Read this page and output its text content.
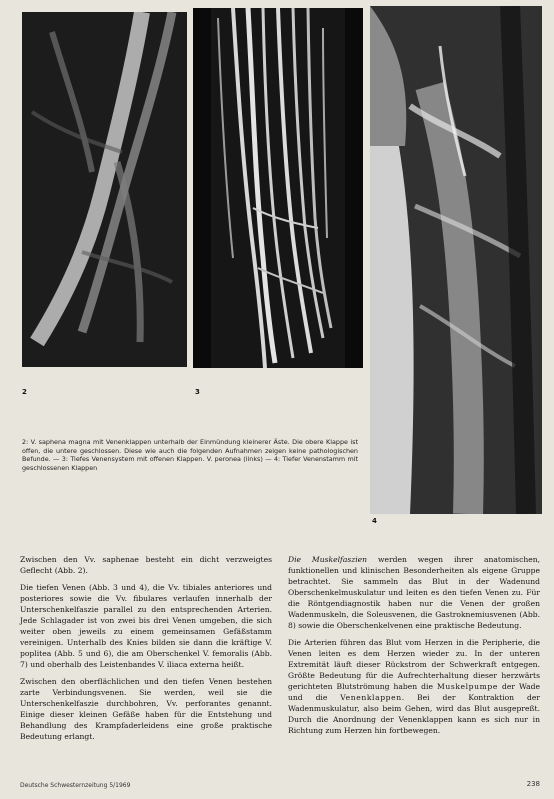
2	3
4
2: V. saphena magna mit Venenklappen unterhalb der Einmündung kleinerer Äste. Die obere Klappe ist offen, die untere geschlossen. Diese wie auch die folgenden Aufnahmen zeigen keine pathologischen Befunde. — 3: Tiefes Venensystem mit offenen Klappen. V. peronea (links) — 4: Tiefer Venenstamm mit geschlossenen Klappen

Zwischen den Vv. saphenae besteht ein dicht verzweigtes Geflecht (Abb. 2).

Die tiefen Venen (Abb. 3 und 4), die Vv. tibiales anteriores und posteriores sowie die Vv. fibulares verlaufen innerhalb der Unterschenkelfaszie parallel zu den entsprechenden Arterien. Jede Schlagader ist von zwei bis drei Venen umgeben, die sich weiter oben jeweils zu einem gemeinsamen Gefäßstamm vereinigen. Unterhalb des Knies bilden sie dann die kräftige V. poplitea (Abb. 5 und 6), die am Oberschenkel V. femoralis (Abb. 7) und oberhalb des Leistenbandes V. iliaca externa heißt.

Zwischen den oberflächlichen und den tiefen Venen bestehen zarte Verbindungsvenen. Sie werden, weil sie die Unterschenkelfaszie durchbohren, Vv. perforantes genannt. Einige dieser kleinen Gefäße haben für die Entstehung und Behandlung des Krampfaderleidens eine große praktische Bedeutung erlangt.

Die Muskelfaszien werden wegen ihrer anatomischen, funktionellen und klinischen Besonderheiten als eigene Gruppe betrachtet. Sie sammeln das Blut in der Wadenund Oberschenkelmuskulatur und leiten es den tiefen Venen zu. Für die Röntgendiagnostik haben nur die Venen der großen Wadenmuskeln, die Soleusvenen, die Gastroknemiusvenen (Abb. 8) sowie die Oberschenkelvenen eine praktische Bedeutung.

Die Arterien führen das Blut vom Herzen in die Peripherie, die Venen leiten es dem Herzen wieder zu. In der unteren Extremität läuft dieser Rückstrom der Schwerkraft entgegen. Größte Bedeutung für die Aufrechterhaltung dieser herzwärts gerichteten Blutströmung haben die Muskelpumpe der Wade und die Venenklappen. Bei der Kontraktion der Wadenmuskulatur, also beim Gehen, wird das Blut ausgepreßt. Durch die Anordnung der Venenklappen kann es sich nur in Richtung zum Herzen hin fortbewegen.

Deutsche Schwesternzeitung 5/1969	238
